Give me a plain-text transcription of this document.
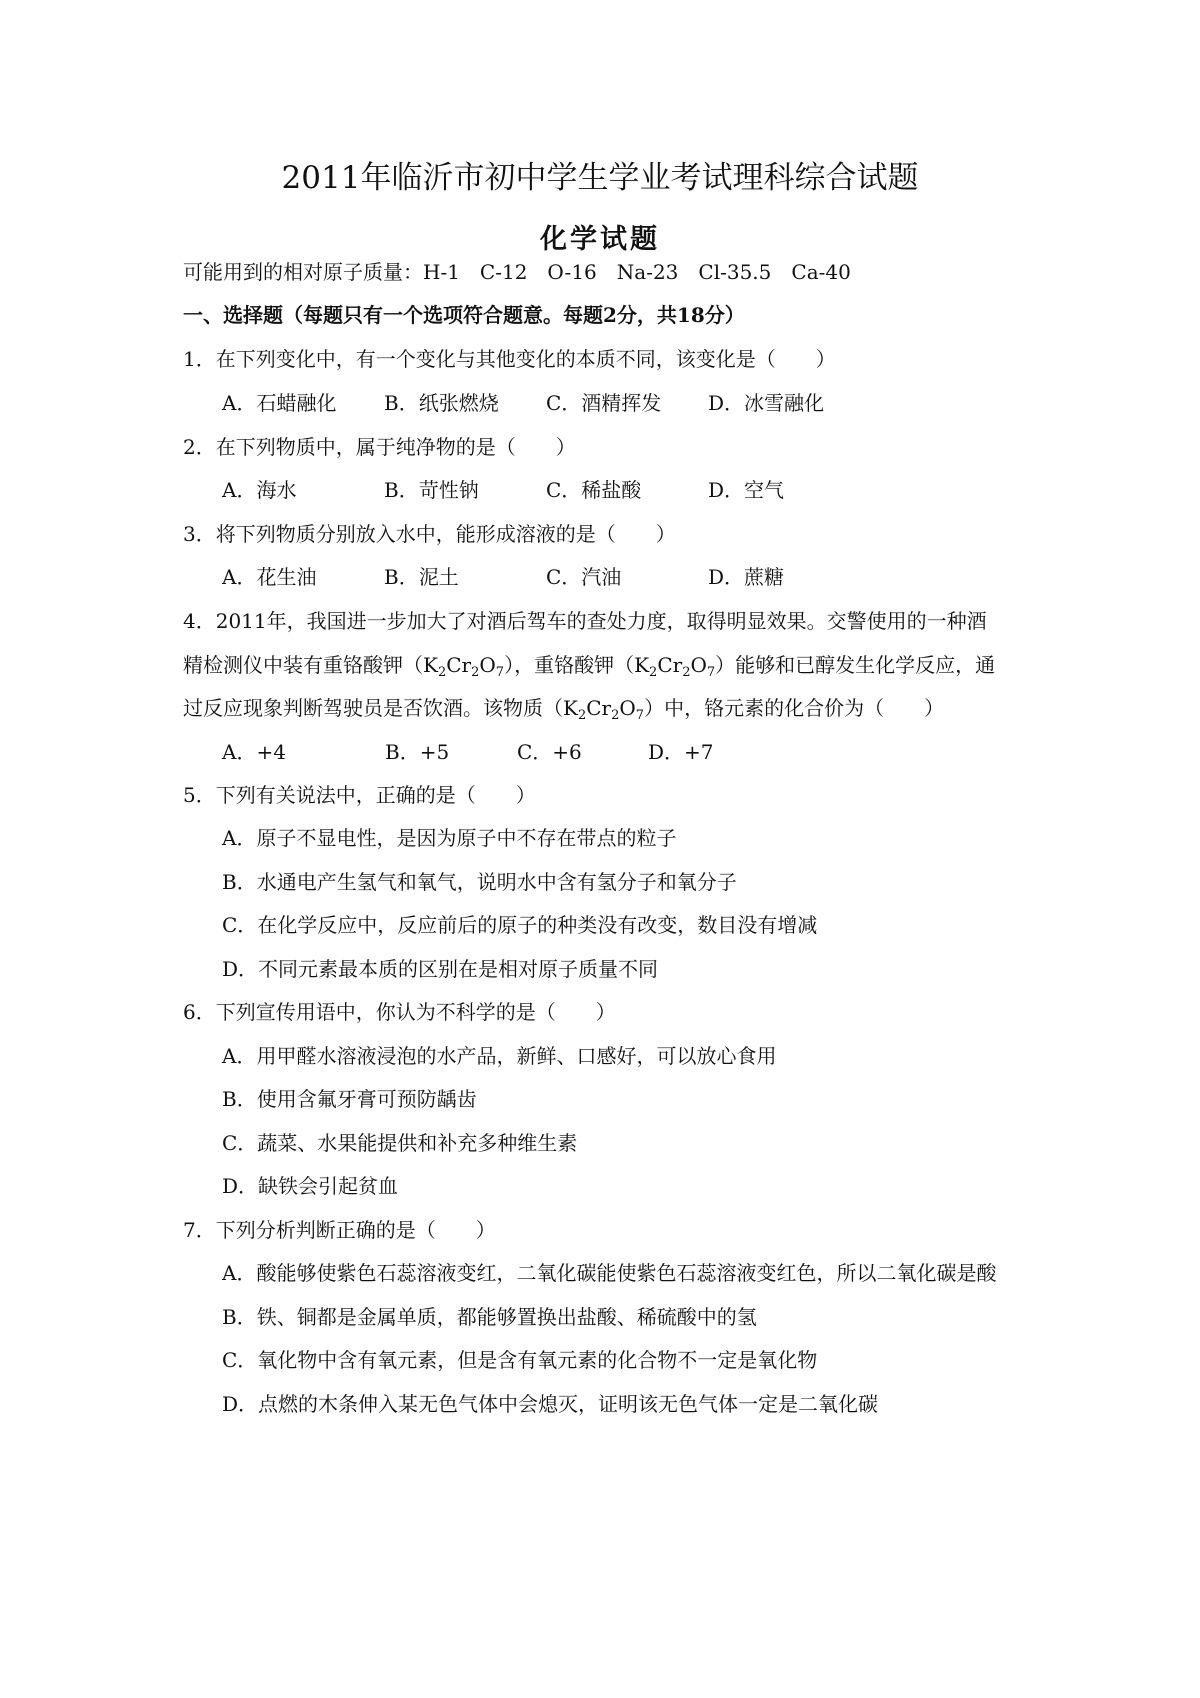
2011年临沂市初中学生学业考试理科综合试题
化学试题
可能用到的相对原子质量：H-1　C-12　O-16　Na-23　Cl-35.5　Ca-40
一、选择题（每题只有一个选项符合题意。每题2分，共18分）
1．在下列变化中，有一个变化与其他变化的本质不同，该变化是（　　）
A．石蜡融化 B．纸张燃烧 C．酒精挥发 D．冰雪融化
2．在下列物质中，属于纯净物的是（　　）
A．海水	B．苛性钠	C．稀盐酸	D．空气
3．将下列物质分别放入水中，能形成溶液的是（　　）
A．花生油	B．泥土	C．汽油	D．蔗糖
4．2011年，我国进一步加大了对酒后驾车的查处力度，取得明显效果。交警使用的一种酒
精检测仪中装有重铬酸钾$(K_2Cr_2O_7)$，重铬酸钾$(K_2Cr_2O_7)$能够和已醇发生化学反应，通
过反应现象判断驾驶员是否饮酒。该物质$(K_2Cr_2O_7)$中，铬元素的化合价为（　　）
A．+4	B．+5	C．+6	D．+7
5．下列有关说法中，正确的是（　　）
A．原子不显电性，是因为原子中不存在带点的粒子
B．水通电产生氢气和氧气，说明水中含有氢分子和氧分子
C．在化学反应中，反应前后的原子的种类没有改变，数目没有增减
D．不同元素最本质的区别在是相对原子质量不同
6．下列宣传用语中，你认为不科学的是（　　）
A．用甲醛水溶液浸泡的水产品，新鲜、口感好，可以放心食用
B．使用含氟牙膏可预防龋齿
C．蔬菜、水果能提供和补充多种维生素
D．缺铁会引起贫血
7．下列分析判断正确的是（　　）
A．酸能够使紫色石蕊溶液变红，二氧化碳能使紫色石蕊溶液变红色，所以二氧化碳是酸
B．铁、铜都是金属单质，都能够置换出盐酸、稀硫酸中的氢
C．氧化物中含有氧元素，但是含有氧元素的化合物不一定是氧化物
D．点燃的木条伸入某无色气体中会熄灭，证明该无色气体一定是二氧化碳
